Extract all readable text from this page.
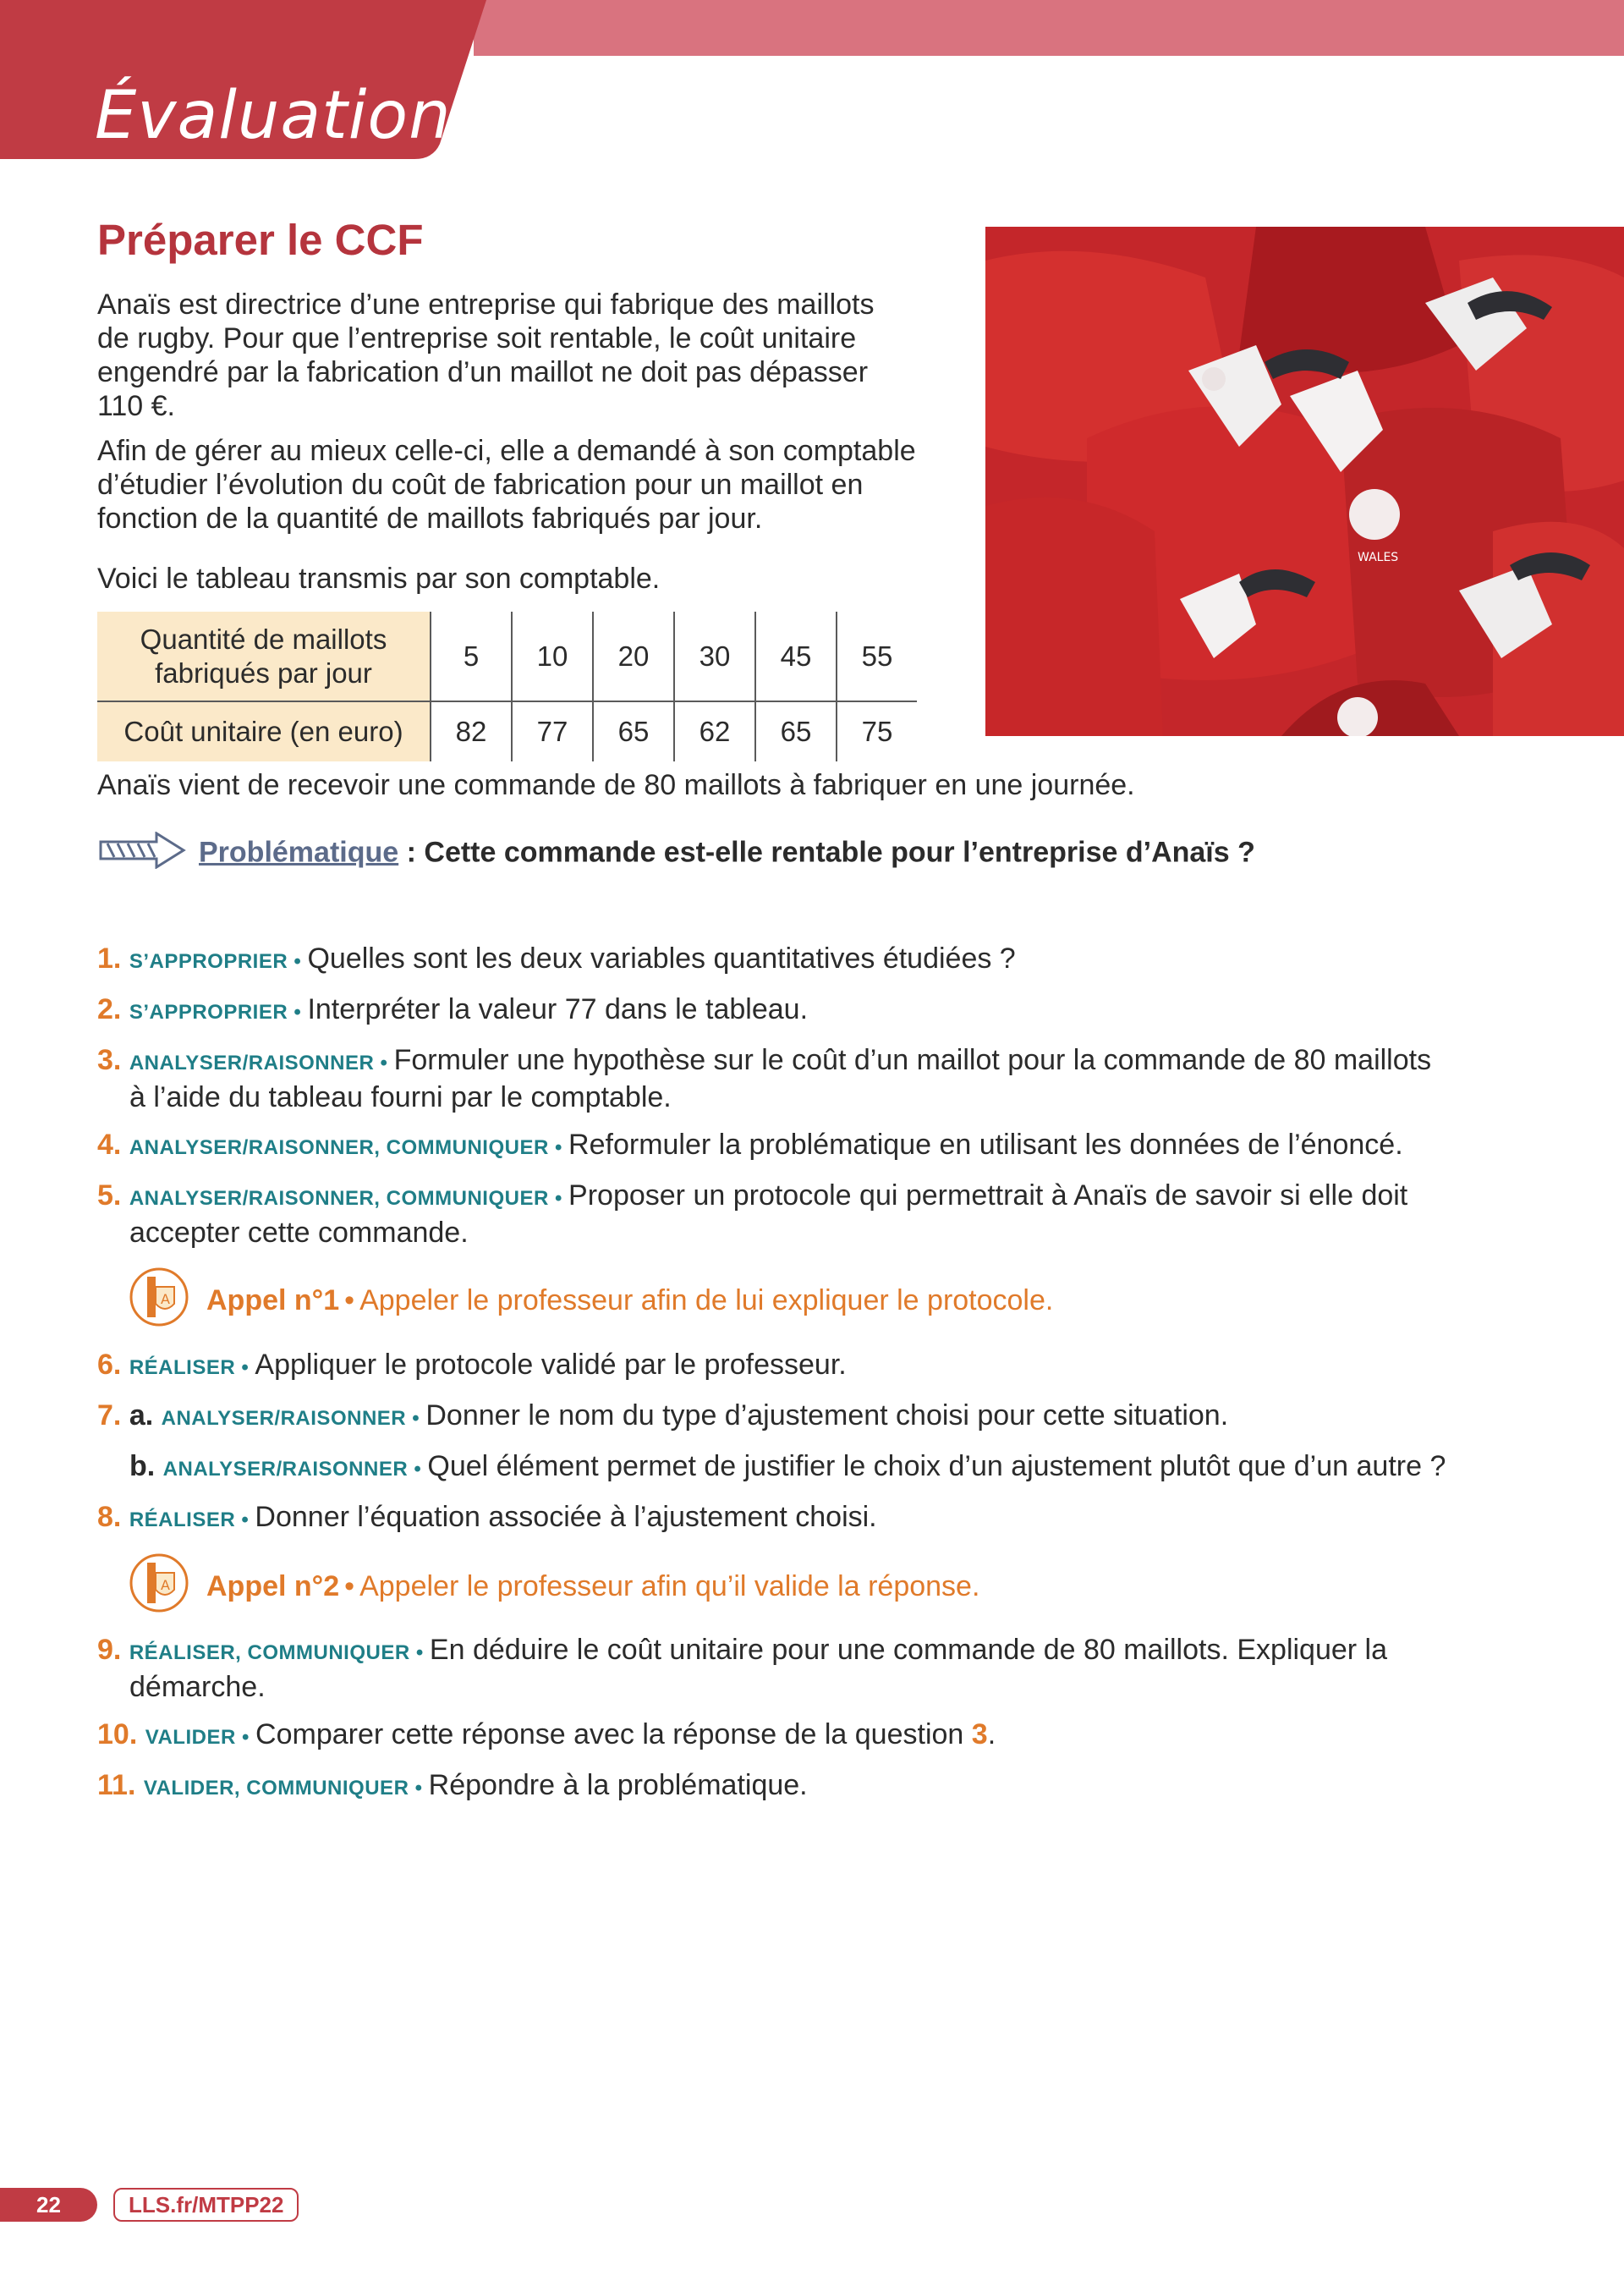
Évaluation
Préparer le CCF
Anaïs est directrice d’une entreprise qui fabrique des maillots
de rugby. Pour que l’entreprise soit rentable, le coût unitaire
engendré par la fabrication d’un maillot ne doit pas dépasser
110 €.
Afin de gérer au mieux celle-ci, elle a demandé à son comptable
d’étudier l’évolution du coût de fabrication pour un maillot en
fonction de la quantité de maillots fabriqués par jour.
Voici le tableau transmis par son comptable.
WALES
Quantité de maillots
fabriqués par jour	5	10	20	30	45	55
Coût unitaire (en euro)	82	77	65	62	65	75
Anaïs vient de recevoir une commande de 80 maillots à fabriquer en une journée.
Problématique : Cette commande est-elle rentable pour l’entreprise d’Anaïs ?
1. S’APPROPRIER • Quelles sont les deux variables quantitatives étudiées ?
2. S’APPROPRIER • Interpréter la valeur 77 dans le tableau.
3. ANALYSER/RAISONNER • Formuler une hypothèse sur le coût d’un maillot pour la commande de 80 maillots
à l’aide du tableau fourni par le comptable.
4. ANALYSER/RAISONNER, COMMUNIQUER • Reformuler la problématique en utilisant les données de l’énoncé.
5. ANALYSER/RAISONNER, COMMUNIQUER • Proposer un protocole qui permettrait à Anaïs de savoir si elle doit
accepter cette commande.
A Appel n°1 • Appeler le professeur afin de lui expliquer le protocole.
6. RÉALISER • Appliquer le protocole validé par le professeur.
7. a. ANALYSER/RAISONNER • Donner le nom du type d’ajustement choisi pour cette situation.
b. ANALYSER/RAISONNER • Quel élément permet de justifier le choix d’un ajustement plutôt que d’un autre ?
8. RÉALISER • Donner l’équation associée à l’ajustement choisi.
A Appel n°2 • Appeler le professeur afin qu’il valide la réponse.
9. RÉALISER, COMMUNIQUER • En déduire le coût unitaire pour une commande de 80 maillots. Expliquer la
démarche.
10. VALIDER • Comparer cette réponse avec la réponse de la question 3.
11. VALIDER, COMMUNIQUER • Répondre à la problématique.
22	LLS.fr/MTPP22
